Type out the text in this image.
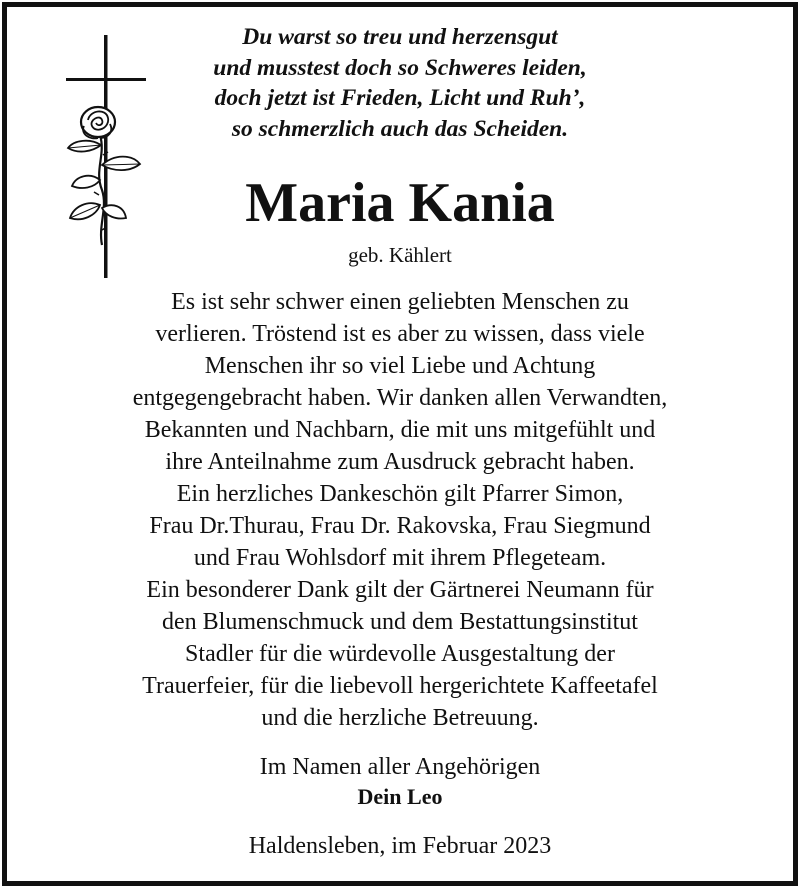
Du warst so treu und herzensgut
und musstest doch so Schweres leiden,
doch jetzt ist Frieden, Licht und Ruh’,
so schmerzlich auch das Scheiden.
Maria Kania
geb. Kählert
Es ist sehr schwer einen geliebten Menschen zu
verlieren. Tröstend ist es aber zu wissen, dass viele
Menschen ihr so viel Liebe und Achtung
entgegengebracht haben. Wir danken allen Verwandten,
Bekannten und Nachbarn, die mit uns mitgefühlt und
ihre Anteilnahme zum Ausdruck gebracht haben.
Ein herzliches Dankeschön gilt Pfarrer Simon,
Frau Dr.Thurau, Frau Dr. Rakovska, Frau Siegmund
und Frau Wohlsdorf mit ihrem Pflegeteam.
Ein besonderer Dank gilt der Gärtnerei Neumann für
den Blumenschmuck und dem Bestattungsinstitut
Stadler für die würdevolle Ausgestaltung der
Trauerfeier, für die liebevoll hergerichtete Kaffeetafel
und die herzliche Betreuung.
Im Namen aller Angehörigen
Dein Leo
Haldensleben, im Februar 2023
